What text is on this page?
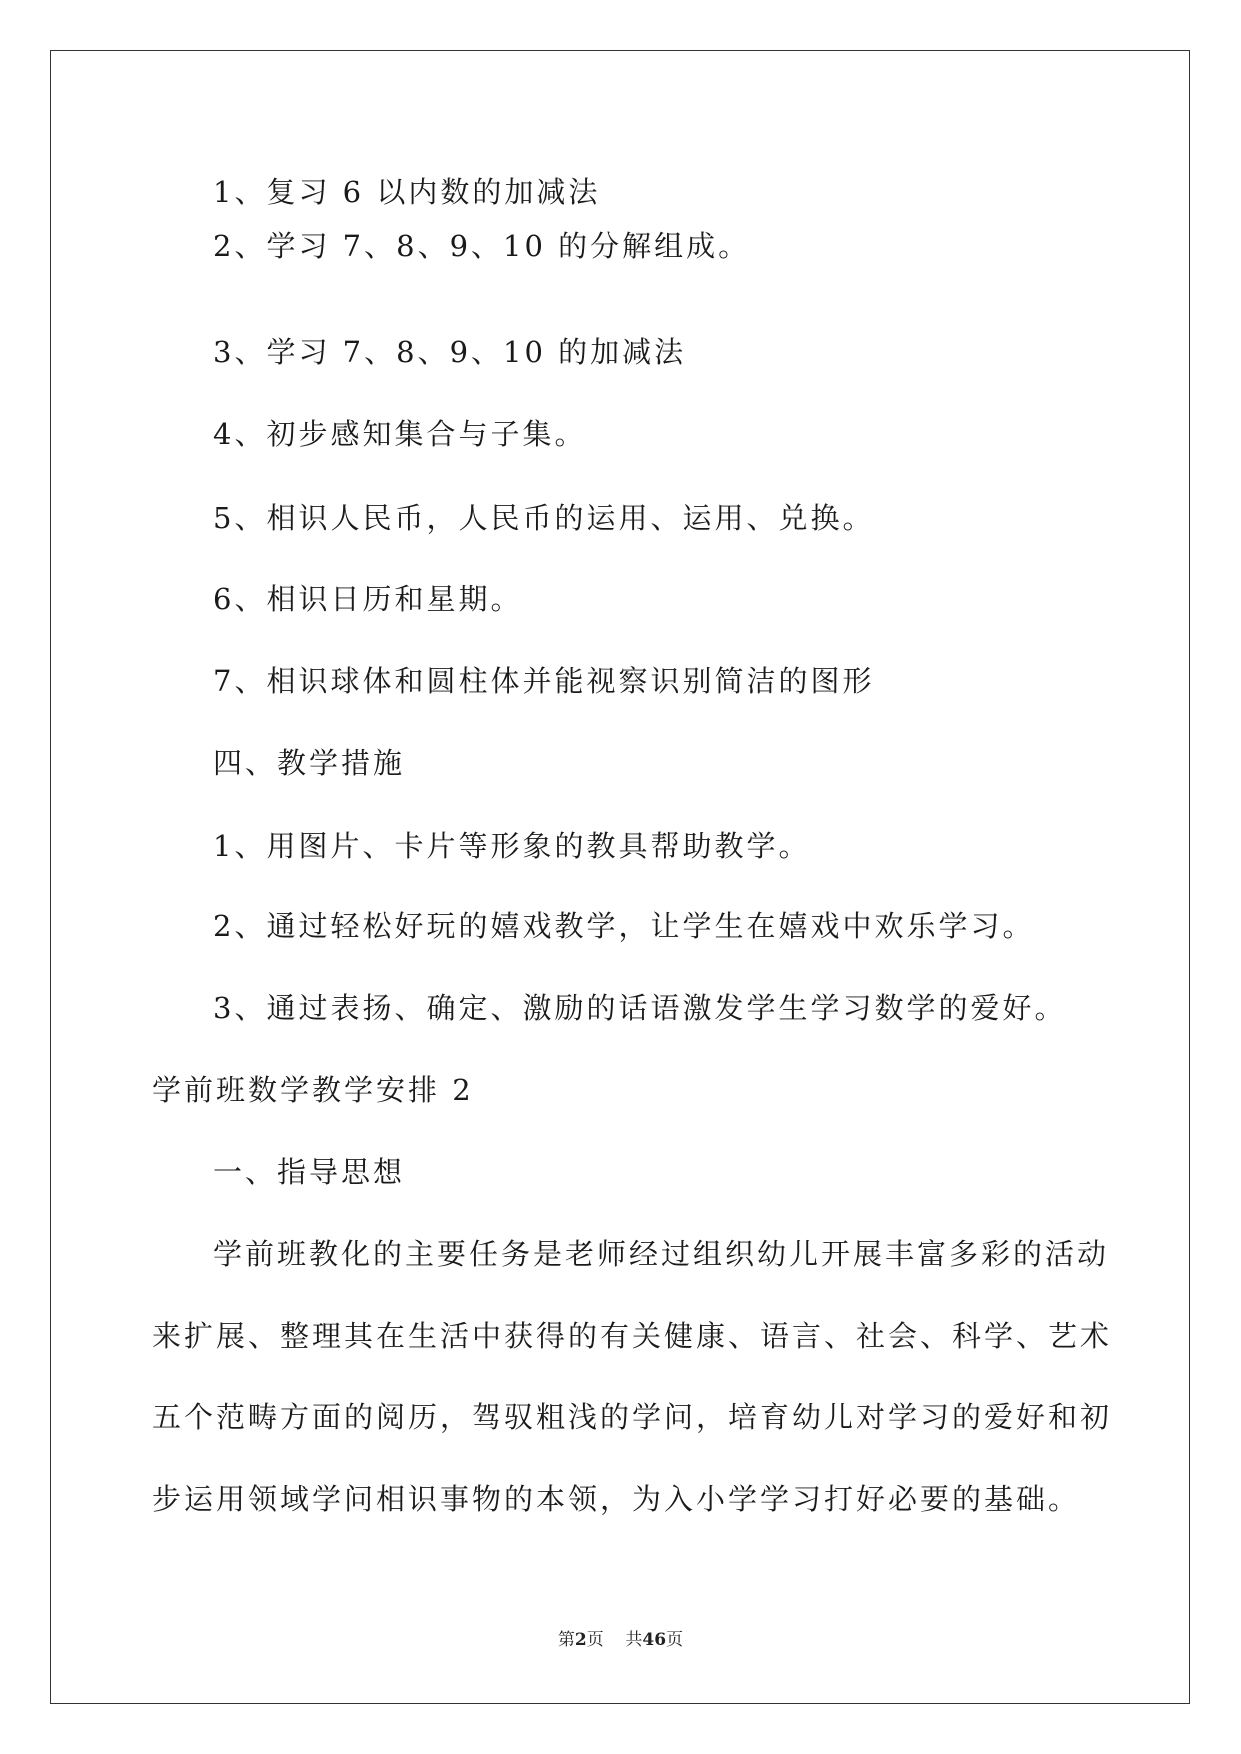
1、复习 6 以内数的加减法
2、学习 7、8、9、10 的分解组成。
3、学习 7、8、9、10 的加减法
4、初步感知集合与子集。
5、相识人民币，人民币的运用、运用、兑换。
6、相识日历和星期。
7、相识球体和圆柱体并能视察识别简洁的图形
四、教学措施
1、用图片、卡片等形象的教具帮助教学。
2、通过轻松好玩的嬉戏教学，让学生在嬉戏中欢乐学习。
3、通过表扬、确定、激励的话语激发学生学习数学的爱好。
学前班数学教学安排 2
一、指导思想
学前班教化的主要任务是老师经过组织幼儿开展丰富多彩的活动
来扩展、整理其在生活中获得的有关健康、语言、社会、科学、艺术
五个范畴方面的阅历，驾驭粗浅的学问，培育幼儿对学习的爱好和初
步运用领域学问相识事物的本领，为入小学学习打好必要的基础。
第2页 共46页
